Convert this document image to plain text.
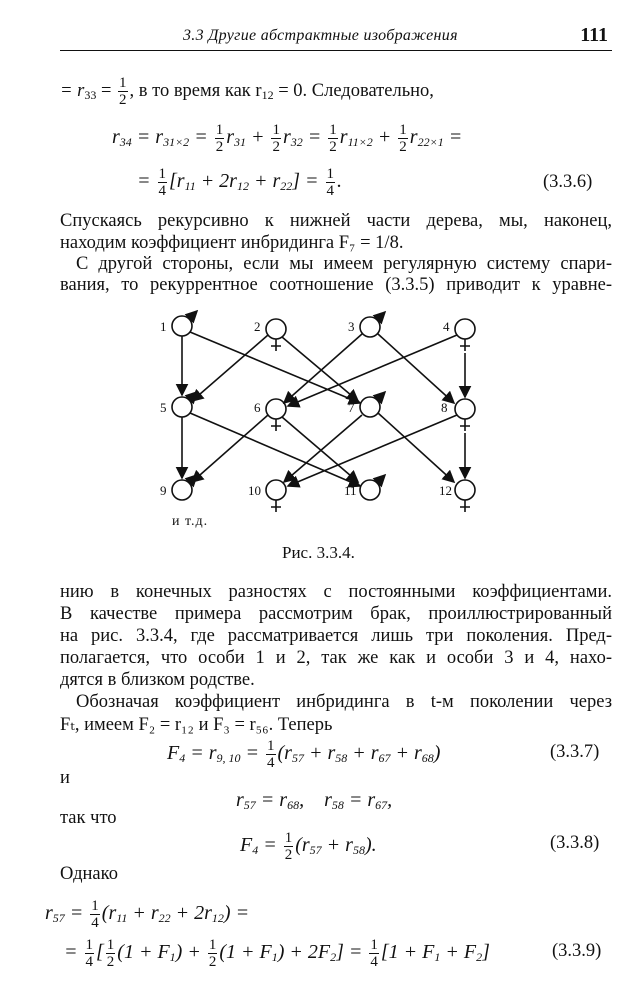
3.3 Другие абстрактные изображения	111
= $r_{33} = \frac{1}{2}$ , в то время как $r_{12} = 0$. Следовательно,
$r_{34} = r_{31\times 2} = \frac{1}{2} r_{31} + \frac{1}{2} r_{32} = \frac{1}{2} r_{11\times 2} + \frac{1}{2} r_{22\times 1}$ =
= $\frac{1}{4} [r_{11} + 2r_{12} + r_{22}] = \frac{1}{4}$ .	(3.3.6)
Спускаясь рекурсивно к нижней части дерева, мы, наконец,
находим коэффициент инбридинга F₇ = 1/8.
С другой стороны, если мы имеем регулярную систему спари-
вания, то рекуррентное соотношение (3.3.5) приводит к уравне-
1	2	3	4
5	6	7	8
9	10	11	12
и т.д.
Рис. 3.3.4.
нию в конечных разностях с постоянными коэффициентами.
В качестве примера рассмотрим брак, проиллюстрированный
на рис. 3.3.4, где рассматривается лишь три поколения. Пред-
полагается, что особи 1 и 2, так же как и особи 3 и 4, нахо-
дятся в близком родстве.
Обозначая коэффициент инбридинга в t-м поколении через
Fₜ, имеем F₂ = r₁₂ и F₃ = r₅₆. Теперь
$F_4 = r_{9, 10} = \frac{1}{4} (r_{57} + r_{58} + r_{67} + r_{68})$	(3.3.7)
и
$r_{57} = r_{68}$,    $r_{58} = r_{67}$,
так что
$F_4 = \frac{1}{2} (r_{57} + r_{58})$.	(3.3.8)
Однако
$r_{57} = \frac{1}{4} (r_{11} + r_{22} + 2r_{12})$ =
= $\frac{1}{4}$ [ $\frac{1}{2} (1 + F_1) + \frac{1}{2} (1 + F_1) + 2F_2] = \frac{1}{4} [1 + F_1 + F_2]$	(3.3.9)
